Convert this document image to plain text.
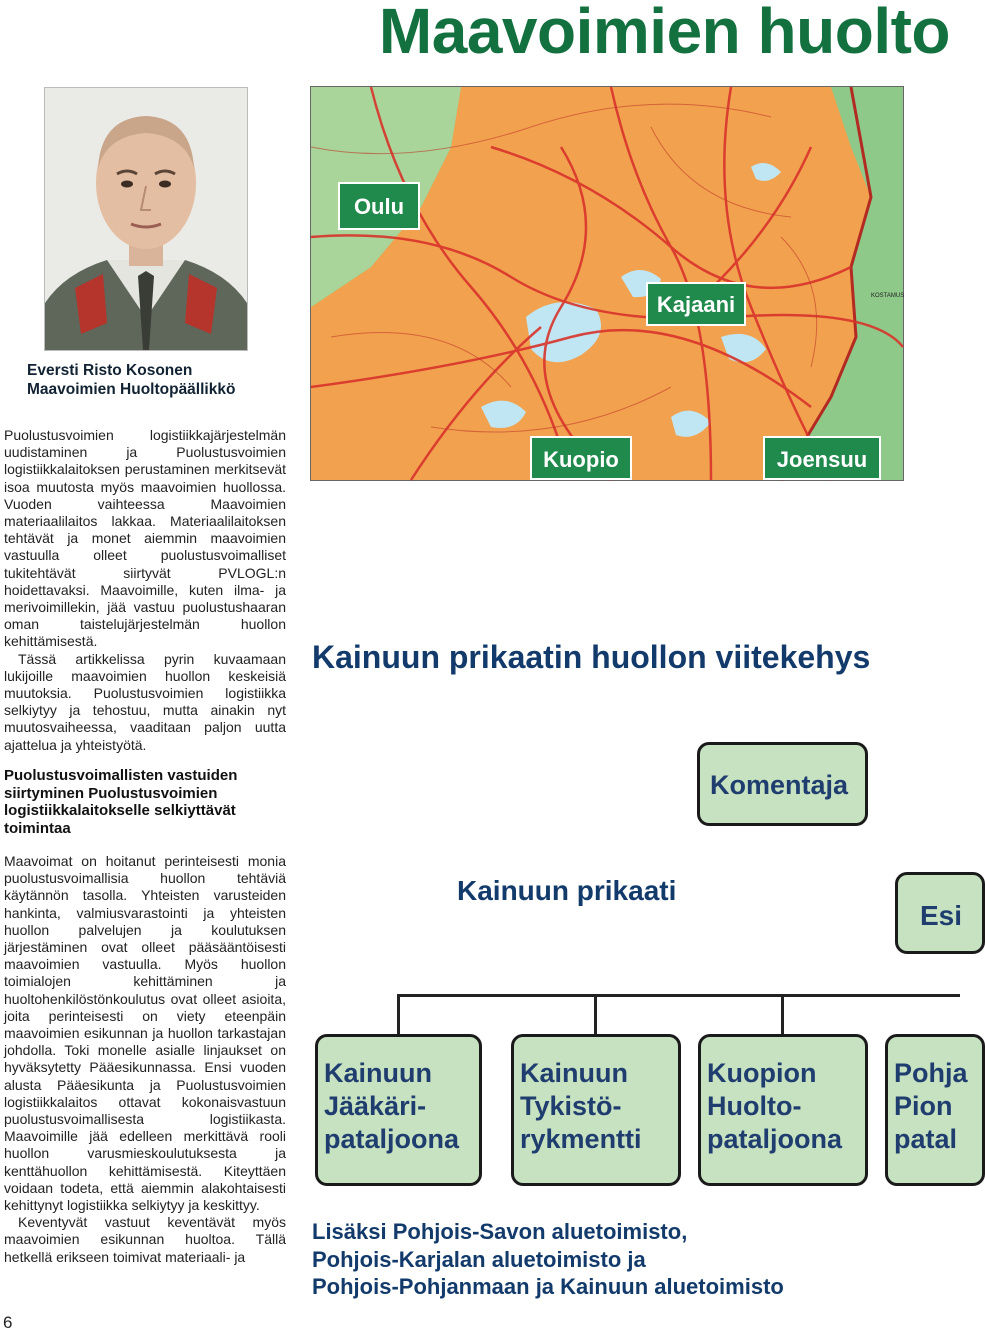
Maavoimien huolto
Eversti Risto Kosonen
Maavoimien Huoltopäällikkö

Puolustusvoimien logistiikkajärjestelmän uudistaminen ja Puolustusvoimien logistiikkalaitoksen perustaminen merkitsevät isoa muutosta myös maavoimien huollossa. Vuoden vaihteessa Maavoimien materiaalilaitos lakkaa. Materiaalilaitoksen tehtävät ja monet aiemmin maavoimien vastuulla olleet puolustusvoimalliset tukitehtävät siirtyvät PVLOGL:n hoidettavaksi. Maavoimille, kuten ilma- ja merivoimillekin, jää vastuu puolustushaaran oman taistelujärjestelmän huollon kehittämisestä.

Tässä artikkelissa pyrin kuvaamaan lukijoille maavoimien huollon keskeisiä muutoksia. Puolustusvoimien logistiikka selkiytyy ja tehostuu, mutta ainakin nyt muutosvaiheessa, vaaditaan paljon uutta ajattelua ja yhteistyötä.

Puolustusvoimallisten vastuiden siirtyminen Puolustusvoimien logistiikkalaitokselle selkiyttävät toimintaa

Maavoimat on hoitanut perinteisesti monia puolustusvoimallisia huollon tehtäviä käytännön tasolla. Yhteisten varusteiden hankinta, valmiusvarastointi ja yhteisten huollon palvelujen ja koulutuksen järjestäminen ovat olleet pääsääntöisesti maavoimien vastuulla. Myös huollon toimialojen kehittäminen ja huoltohenkilöstönkoulutus ovat olleet asioita, joita perinteisesti on viety eteenpäin maavoimien esikunnan ja huollon tarkastajan johdolla. Toki monelle asialle linjaukset on hyväksytetty Pääesikunnassa. Ensi vuoden alusta Pääesikunta ja Puolustusvoimien logistiikkalaitos ottavat kokonaisvastuun puolustusvoimallisesta logistiikasta. Maavoimille jää edelleen merkittävä rooli huollon varusmieskoulutuksesta ja kenttähuollon kehittämisestä. Kiteyttäen voidaan todeta, että aiemmin alakohtaisesti kehittynyt logistiikka selkiytyy ja keskittyy.

Keventyvät vastuut keventävät myös maavoimien esikunnan huoltoa. Tällä hetkellä erikseen toimivat materiaali- ja

6
Oulu
Kajaani
Kuopio	Joensuu
KOSTAMUS
Kainuun prikaatin huollon viitekehys
Komentaja
Kainuun prikaati
Esi
Kainuun
Jääkäri-
pataljoona
Kainuun
Tykistö-
rykmentti
Kuopion
Huolto-
pataljoona
Pohja
Pion
patal
Lisäksi Pohjois-Savon aluetoimisto,
Pohjois-Karjalan aluetoimisto ja
Pohjois-Pohjanmaan ja Kainuun aluetoimisto
